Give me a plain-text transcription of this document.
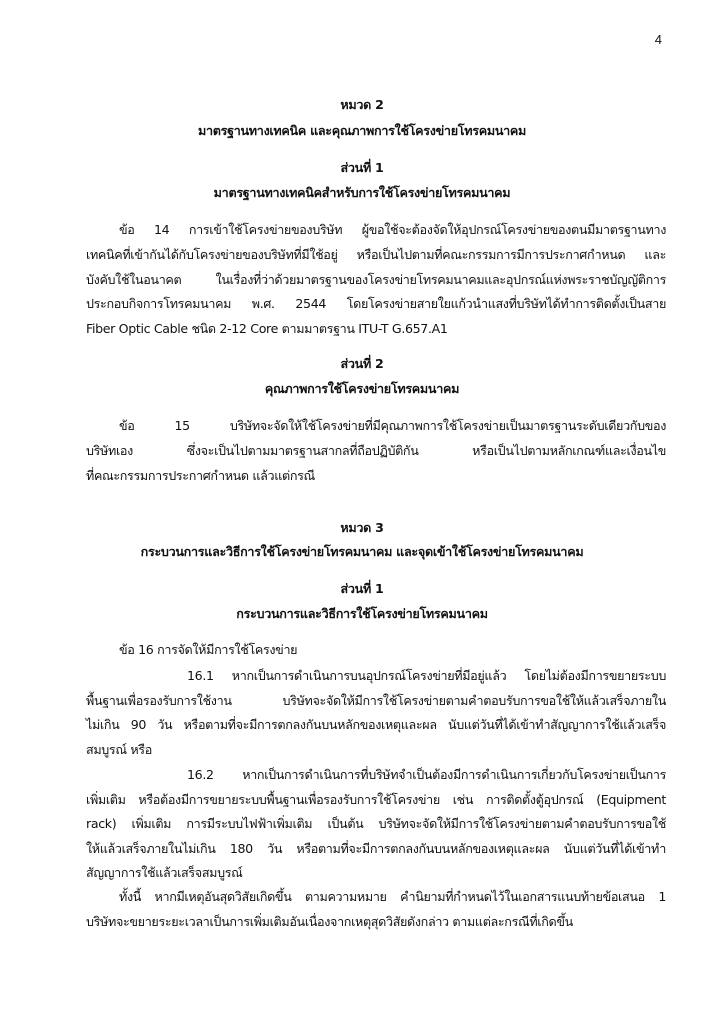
4
หมวด 2
มาตรฐานทางเทคนิค และคุณภาพการใช้โครงข่ายโทรคมนาคม
ส่วนที่ 1
มาตรฐานทางเทคนิคสำหรับการใช้โครงข่ายโทรคมนาคม
ข้อ 14 การเข้าใช้โครงข่ายของบริษัท ผู้ขอใช้จะต้องจัดให้อุปกรณ์โครงข่ายของตนมีมาตรฐานทาง
เทคนิคที่เข้ากันได้กับโครงข่ายของบริษัทที่มีใช้อยู่ หรือเป็นไปตามที่คณะกรรมการมีการประกาศกำหนด และ
บังคับใช้ในอนาคต ในเรื่องที่ว่าด้วยมาตรฐานของโครงข่ายโทรคมนาคมและอุปกรณ์แห่งพระราชบัญญัติการ
ประกอบกิจการโทรคมนาคม พ.ศ. 2544 โดยโครงข่ายสายใยแก้วนำแสงที่บริษัทได้ทำการติดตั้งเป็นสาย
Fiber Optic Cable ชนิด 2-12 Core ตามมาตรฐาน ITU-T G.657.A1
ส่วนที่ 2
คุณภาพการใช้โครงข่ายโทรคมนาคม
ข้อ 15 บริษัทจะจัดให้ใช้โครงข่ายที่มีคุณภาพการใช้โครงข่ายเป็นมาตรฐานระดับเดียวกับของ
บริษัทเอง ซึ่งจะเป็นไปตามมาตรฐานสากลที่ถือปฏิบัติกัน หรือเป็นไปตามหลักเกณฑ์และเงื่อนไข
ที่คณะกรรมการประกาศกำหนด แล้วแต่กรณี
หมวด 3
กระบวนการและวิธีการใช้โครงข่ายโทรคมนาคม และจุดเข้าใช้โครงข่ายโทรคมนาคม
ส่วนที่ 1
กระบวนการและวิธีการใช้โครงข่ายโทรคมนาคม
ข้อ 16 การจัดให้มีการใช้โครงข่าย
16.1 หากเป็นการดำเนินการบนอุปกรณ์โครงข่ายที่มีอยู่แล้ว โดยไม่ต้องมีการขยายระบบ
พื้นฐานเพื่อรองรับการใช้งาน บริษัทจะจัดให้มีการใช้โครงข่ายตามคำตอบรับการขอใช้ให้แล้วเสร็จภายใน
ไม่เกิน 90 วัน หรือตามที่จะมีการตกลงกันบนหลักของเหตุและผล นับแต่วันที่ได้เข้าทำสัญญาการใช้แล้วเสร็จ
สมบูรณ์ หรือ
16.2 หากเป็นการดำเนินการที่บริษัทจำเป็นต้องมีการดำเนินการเกี่ยวกับโครงข่ายเป็นการ
เพิ่มเติม หรือต้องมีการขยายระบบพื้นฐานเพื่อรองรับการใช้โครงข่าย เช่น การติดตั้งตู้อุปกรณ์ (Equipment
rack) เพิ่มเติม การมีระบบไฟฟ้าเพิ่มเติม เป็นต้น บริษัทจะจัดให้มีการใช้โครงข่ายตามคำตอบรับการขอใช้
ให้แล้วเสร็จภายในไม่เกิน 180 วัน หรือตามที่จะมีการตกลงกันบนหลักของเหตุและผล นับแต่วันที่ได้เข้าทำ
สัญญาการใช้แล้วเสร็จสมบูรณ์
ทั้งนี้ หากมีเหตุอันสุดวิสัยเกิดขึ้น ตามความหมาย คำนิยามที่กำหนดไว้ในเอกสารแนบท้ายข้อเสนอ 1
บริษัทจะขยายระยะเวลาเป็นการเพิ่มเติมอันเนื่องจากเหตุสุดวิสัยดังกล่าว ตามแต่ละกรณีที่เกิดขึ้น
